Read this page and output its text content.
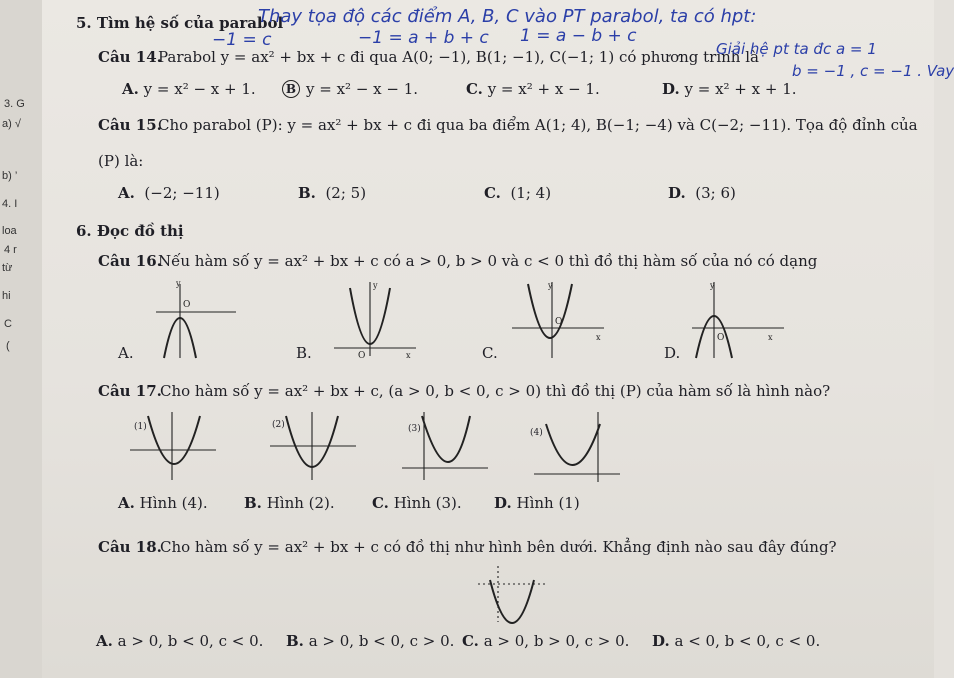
3. G
a) √
b) ’
4. I
loa
4 r
từ
hi
C
(
5. Tìm hệ số của parabol
Thay tọa độ các điểm A, B, C vào PT parabol, ta có hpt:
−1 = c	−1 = a + b + c 1 = a − b + c
Câu 14.
Parabol y = ax² + bx + c đi qua A(0; −1), B(1; −1), C(−1; 1) có phương trình là
Giải hệ pt ta đc a = 1
A. y = x² − x + 1.	B y = x² − x − 1.	C. y = x² + x − 1.	D. y = x² + x + 1.
b = −1 , c = −1 . Vay
Câu 15.
Cho parabol (P): y = ax² + bx + c đi qua ba điểm A(1; 4), B(−1; −4) và C(−2; −11). Tọa độ đỉnh của
(P) là:
A. (−2; −11)	B. (2; 5)	C. (1; 4)	D. (3; 6)
6. Đọc đồ thị
Câu 16.
Nếu hàm số y = ax² + bx + c có a > 0, b > 0 và c < 0 thì đồ thị hàm số của nó có dạng
A.	B.	C.	D.
O
y
O	x
y
O
x
y
O	x
y
Câu 17.
Cho hàm số y = ax² + bx + c, (a > 0, b < 0, c > 0) thì đồ thị (P) của hàm số là hình nào?
(1)	(2)	(3)	(4)
A. Hình (4). B. Hình (2). C. Hình (3). D. Hình (1)
Câu 18.
Cho hàm số y = ax² + bx + c có đồ thị như hình bên dưới. Khẳng định nào sau đây đúng?
A. a > 0, b < 0, c < 0. B. a > 0, b < 0, c > 0. C. a > 0, b > 0, c > 0. D. a < 0, b < 0, c < 0.
